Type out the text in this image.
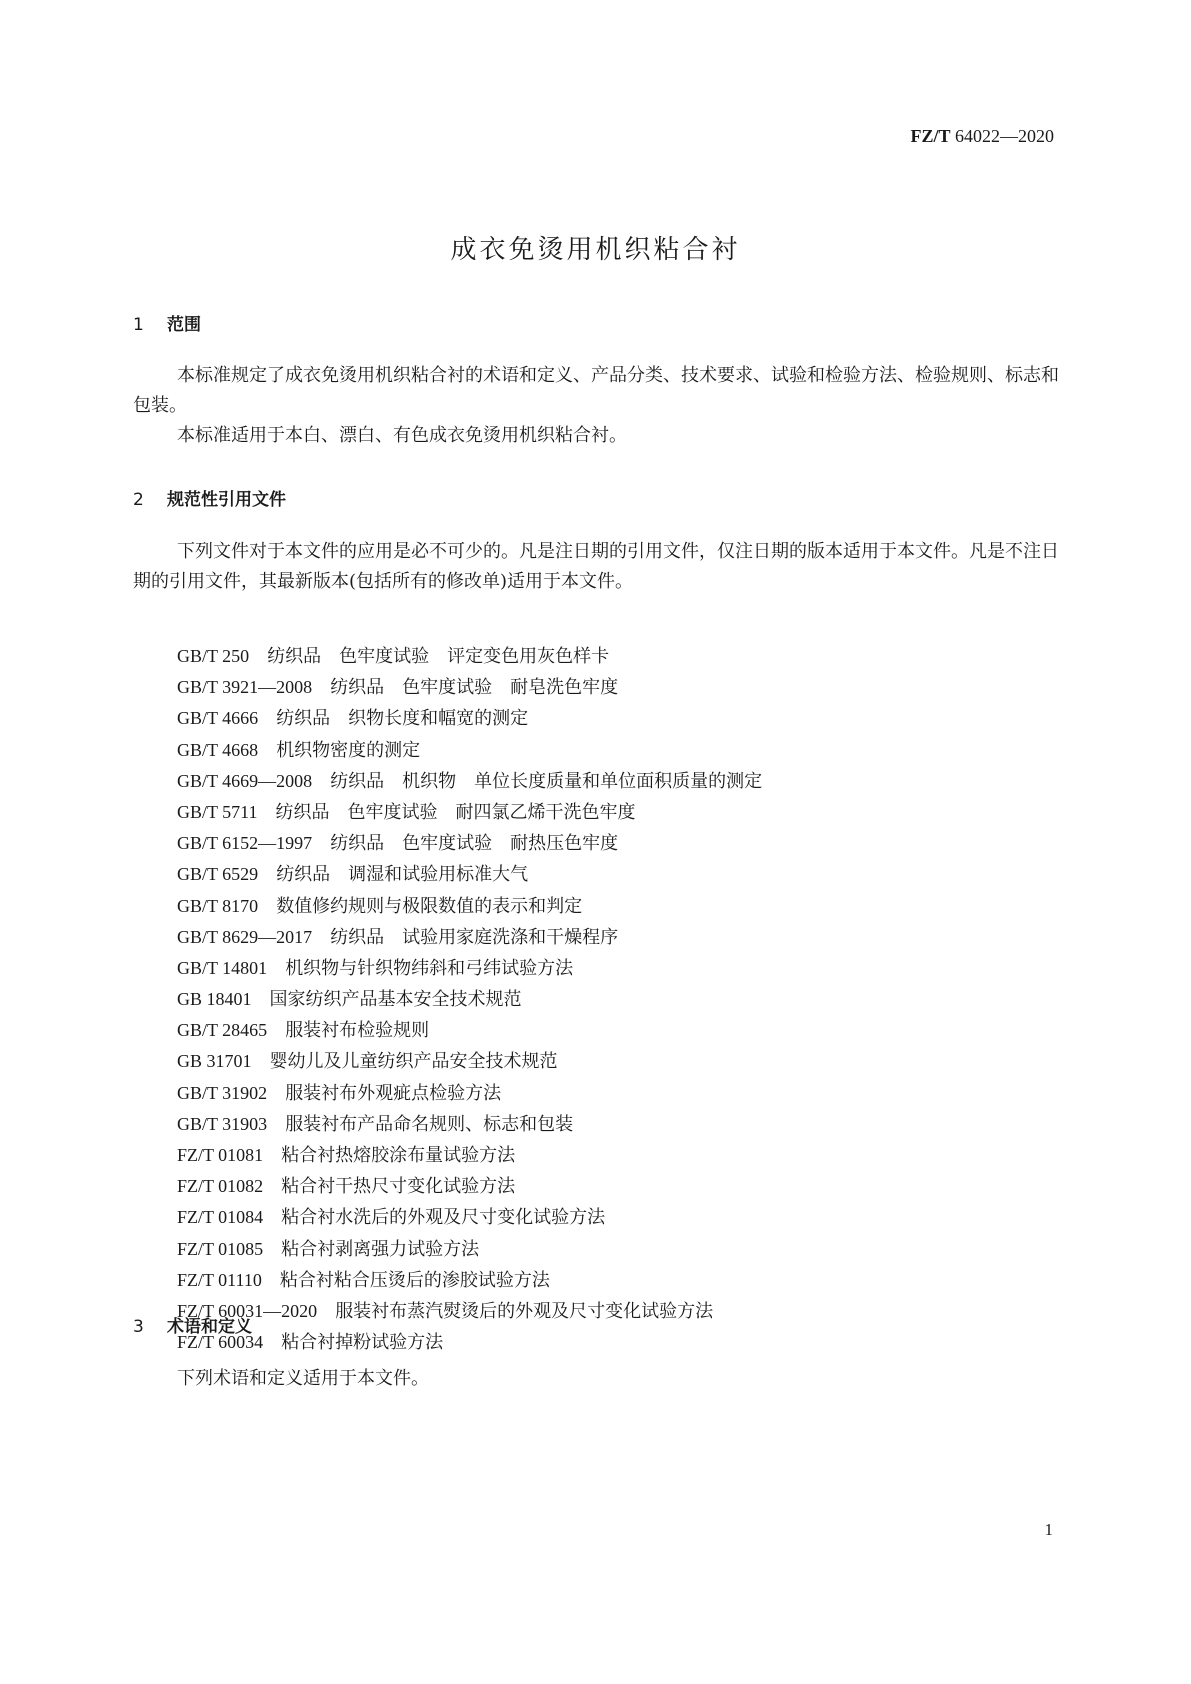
FZ/T 64022—2020
成衣免烫用机织粘合衬
1 范围

本标准规定了成衣免烫用机织粘合衬的术语和定义、产品分类、技术要求、试验和检验方法、检验规则、标志和包装。

本标准适用于本白、漂白、有色成衣免烫用机织粘合衬。

2 规范性引用文件

下列文件对于本文件的应用是必不可少的。凡是注日期的引用文件，仅注日期的版本适用于本文件。凡是不注日期的引用文件，其最新版本(包括所有的修改单)适用于本文件。

GB/T 250 纺织品　色牢度试验　评定变色用灰色样卡
GB/T 3921—2008 纺织品　色牢度试验　耐皂洗色牢度
GB/T 4666 纺织品　织物长度和幅宽的测定
GB/T 4668 机织物密度的测定
GB/T 4669—2008 纺织品　机织物　单位长度质量和单位面积质量的测定
GB/T 5711 纺织品　色牢度试验　耐四氯乙烯干洗色牢度
GB/T 6152—1997 纺织品　色牢度试验　耐热压色牢度
GB/T 6529 纺织品　调湿和试验用标准大气
GB/T 8170 数值修约规则与极限数值的表示和判定
GB/T 8629—2017 纺织品　试验用家庭洗涤和干燥程序
GB/T 14801 机织物与针织物纬斜和弓纬试验方法
GB 18401 国家纺织产品基本安全技术规范
GB/T 28465 服装衬布检验规则
GB 31701 婴幼儿及儿童纺织产品安全技术规范
GB/T 31902 服装衬布外观疵点检验方法
GB/T 31903 服装衬布产品命名规则、标志和包装
FZ/T 01081 粘合衬热熔胶涂布量试验方法
FZ/T 01082 粘合衬干热尺寸变化试验方法
FZ/T 01084 粘合衬水洗后的外观及尺寸变化试验方法
FZ/T 01085 粘合衬剥离强力试验方法
FZ/T 01110 粘合衬粘合压烫后的渗胶试验方法
FZ/T 60031—2020 服装衬布蒸汽熨烫后的外观及尺寸变化试验方法
FZ/T 60034 粘合衬掉粉试验方法
3 术语和定义

下列术语和定义适用于本文件。

1
